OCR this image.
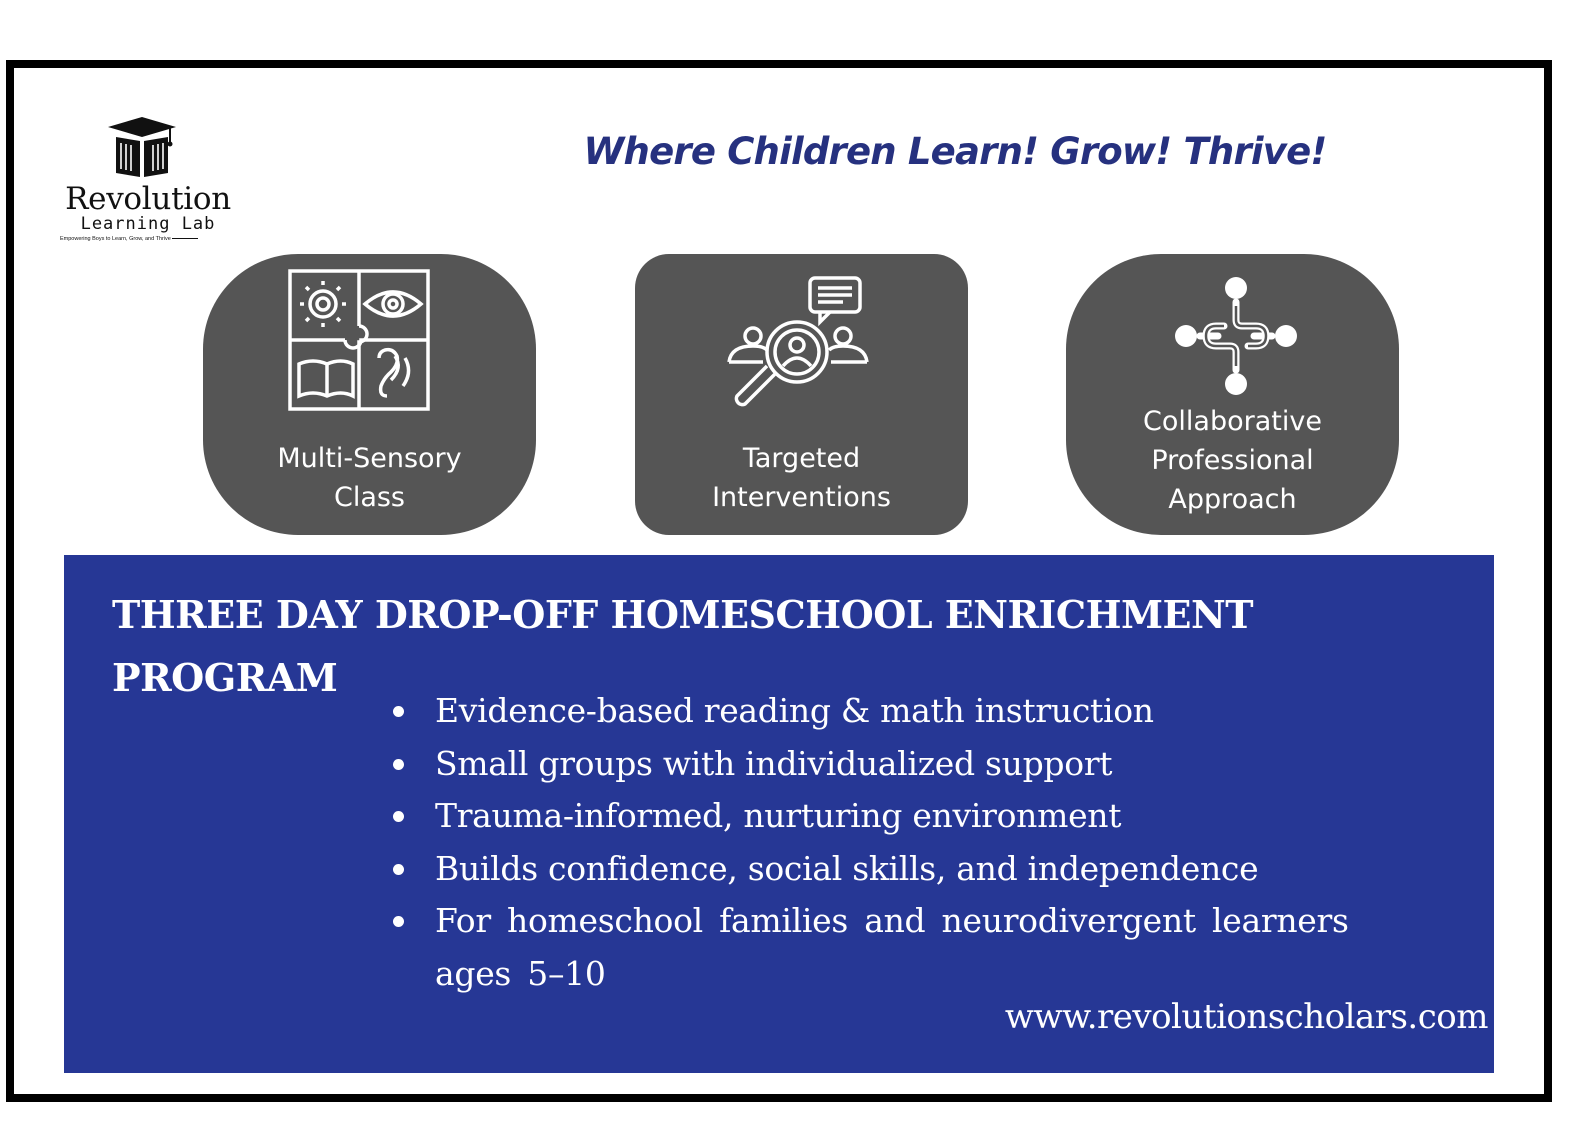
Revolution
Learning Lab
Empowering Boys to Learn, Grow, and Thrive
Where Children Learn! Grow! Thrive!
Multi-Sensory
Class
Targeted
Interventions
Collaborative
Professional
Approach
THREE DAY DROP-OFF HOMESCHOOL ENRICHMENT
PROGRAM
Evidence-based reading & math instruction
Small groups with individualized support
Trauma-informed, nurturing environment
Builds confidence, social skills, and independence
For homeschool families and neurodivergent learners ages 5–10
www.revolutionscholars.com
